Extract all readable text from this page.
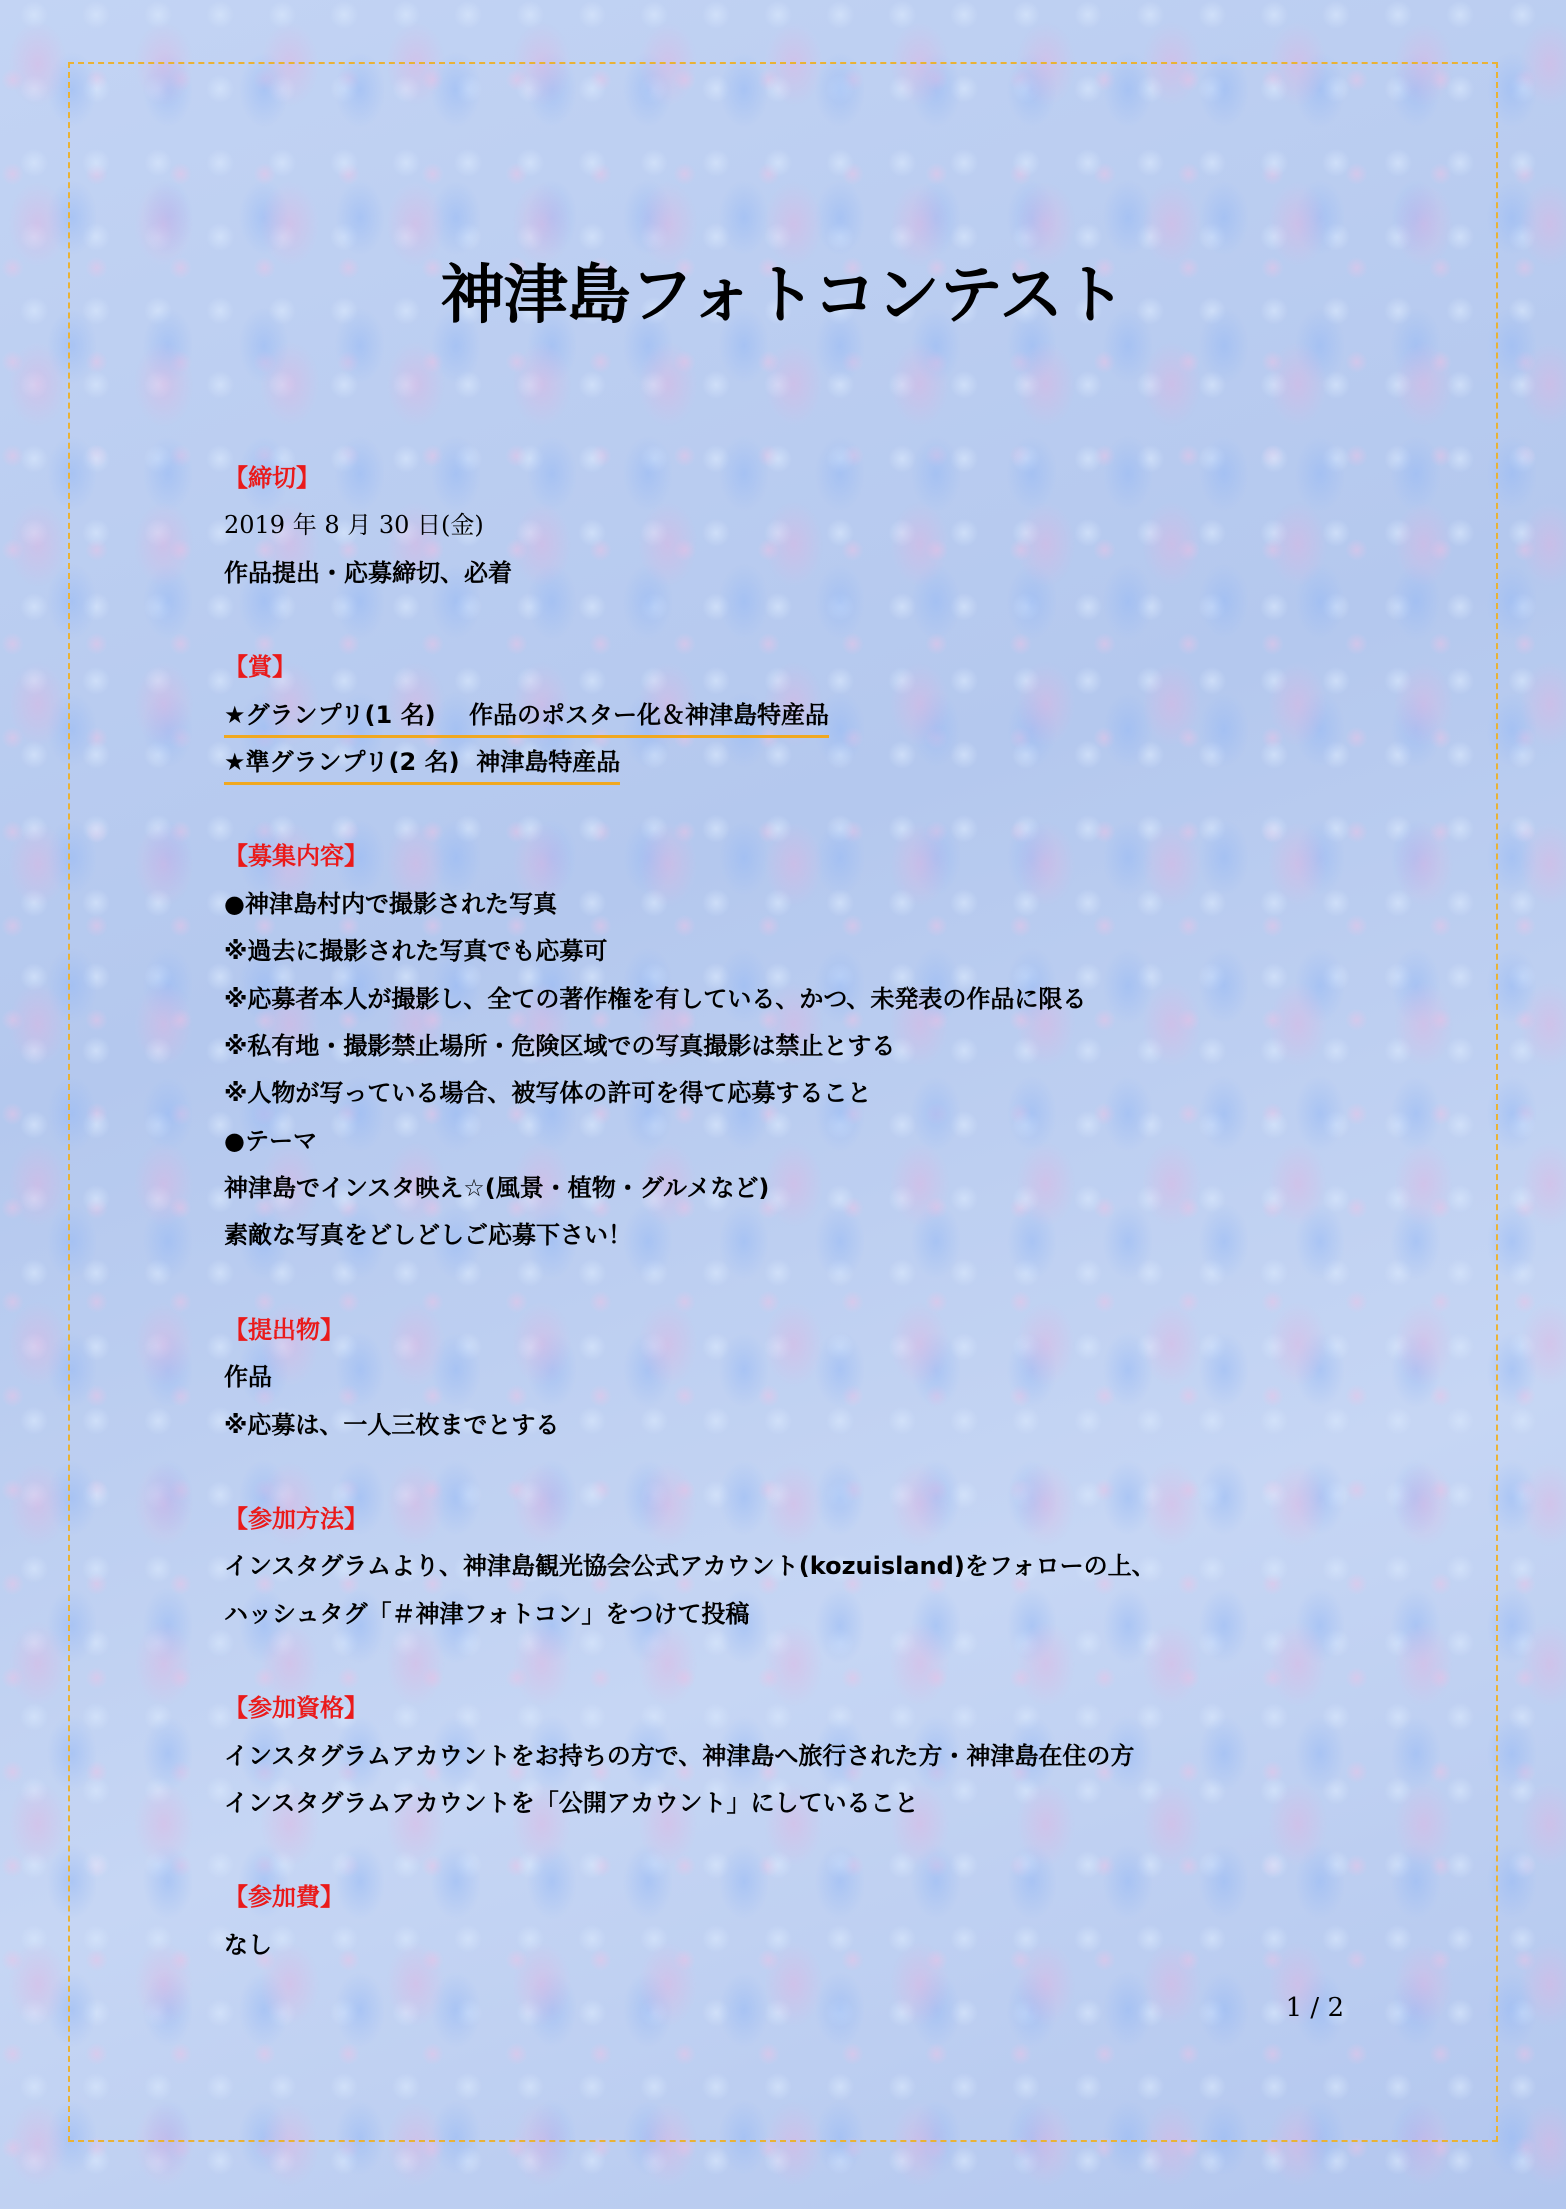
神津島フォトコンテスト
【締切】
2019 年 8 月 30 日(金)
作品提出・応募締切、必着
【賞】
★グランプリ(1 名)    作品のポスター化＆神津島特産品
★準グランプリ(2 名)  神津島特産品
【募集内容】
●神津島村内で撮影された写真
※過去に撮影された写真でも応募可
※応募者本人が撮影し、全ての著作権を有している、かつ、未発表の作品に限る
※私有地・撮影禁止場所・危険区域での写真撮影は禁止とする
※人物が写っている場合、被写体の許可を得て応募すること
●テーマ
神津島でインスタ映え☆(風景・植物・グルメなど)
素敵な写真をどしどしご応募下さい！
【提出物】
作品
※応募は、一人三枚までとする
【参加方法】
インスタグラムより、神津島観光協会公式アカウント(kozuisland)をフォローの上、
ハッシュタグ「＃神津フォトコン」をつけて投稿
【参加資格】
インスタグラムアカウントをお持ちの方で、神津島へ旅行された方・神津島在住の方
インスタグラムアカウントを「公開アカウント」にしていること
【参加費】
なし
1 / 2
